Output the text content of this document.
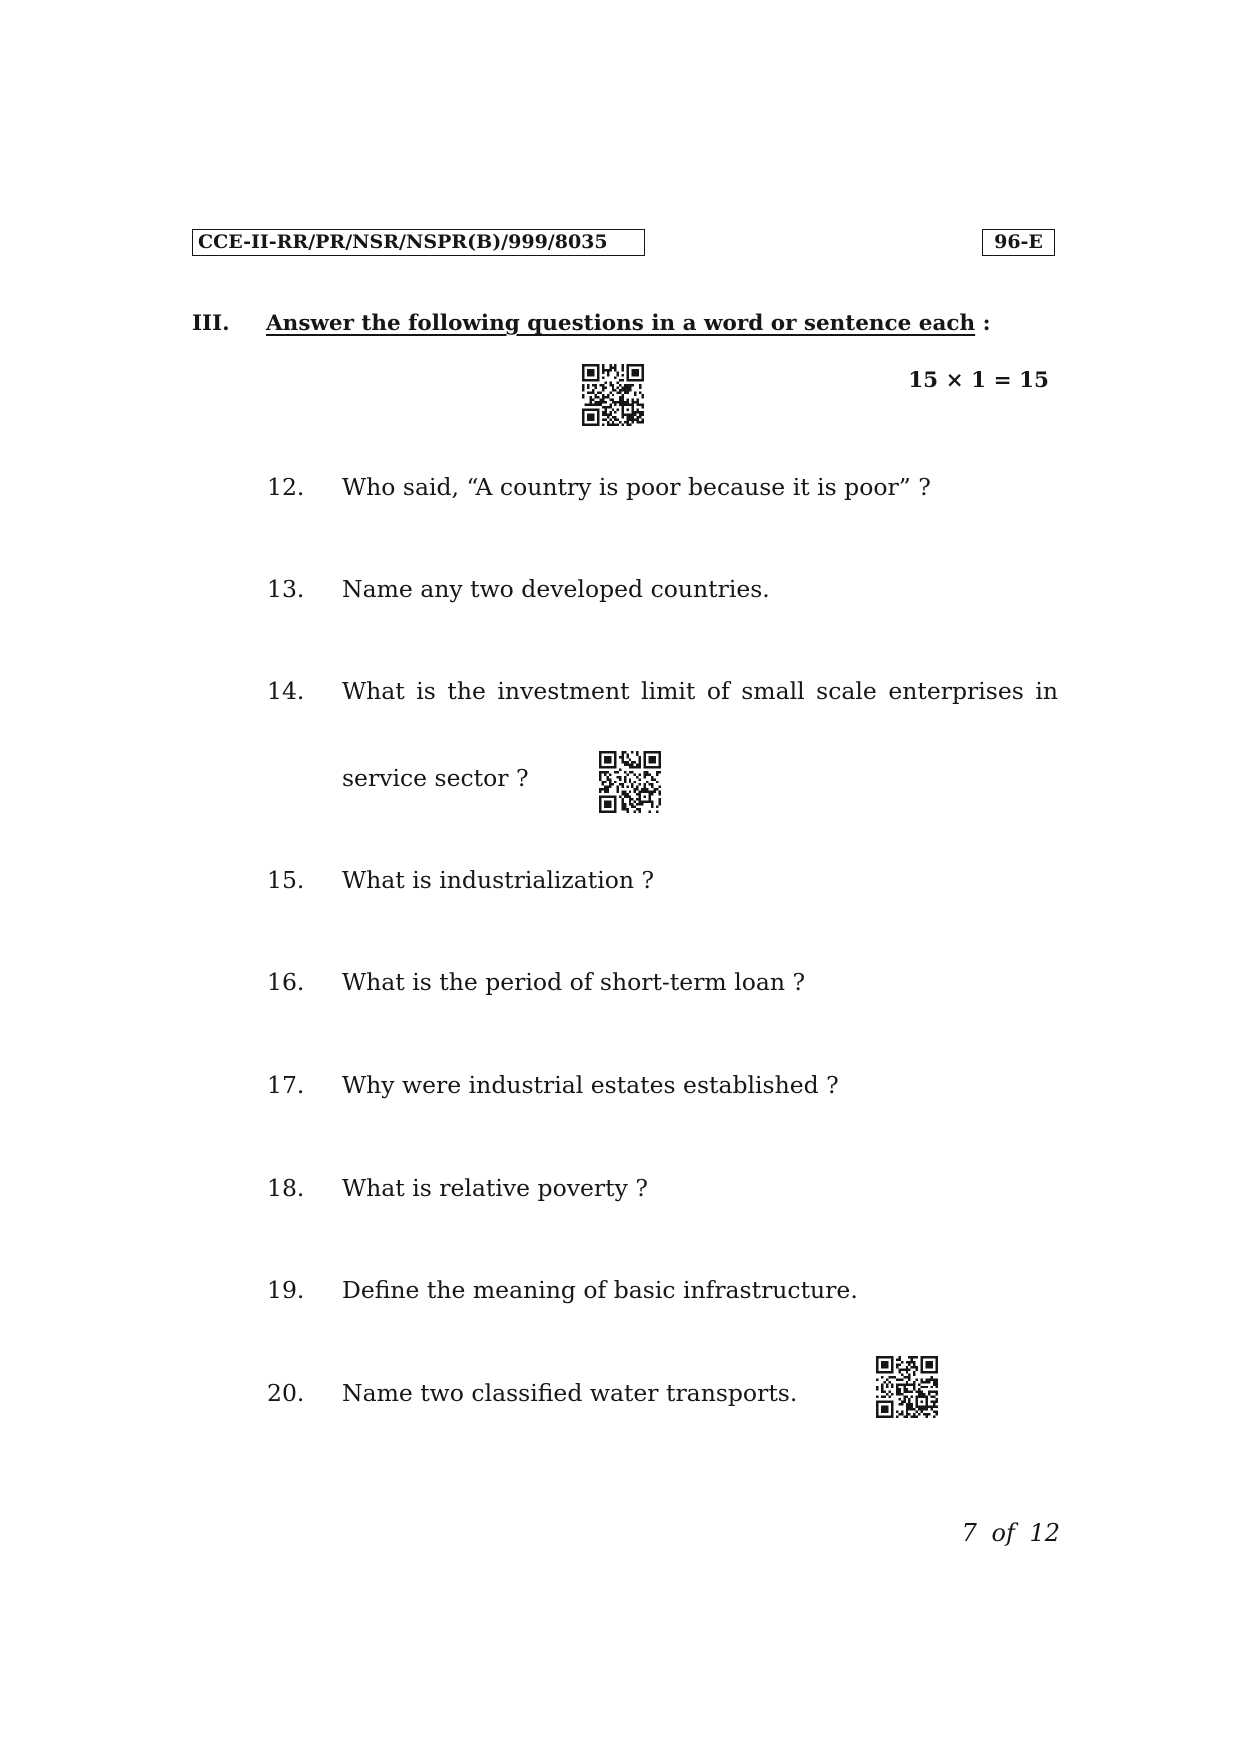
CCE-II-RR/PR/NSR/NSPR(B)/999/8035	96-E
III. Answer the following questions in a word or sentence each :
15 × 1 = 15
12. Who said, “A country is poor because it is poor” ?
13. Name any two developed countries.
14. What is the investment limit of small scale enterprises in
service sector ?
15. What is industrialization ?
16. What is the period of short-term loan ?
17. Why were industrial estates established ?
18. What is relative poverty ?
19. Define the meaning of basic infrastructure.
20. Name two classified water transports.
7 of 12
